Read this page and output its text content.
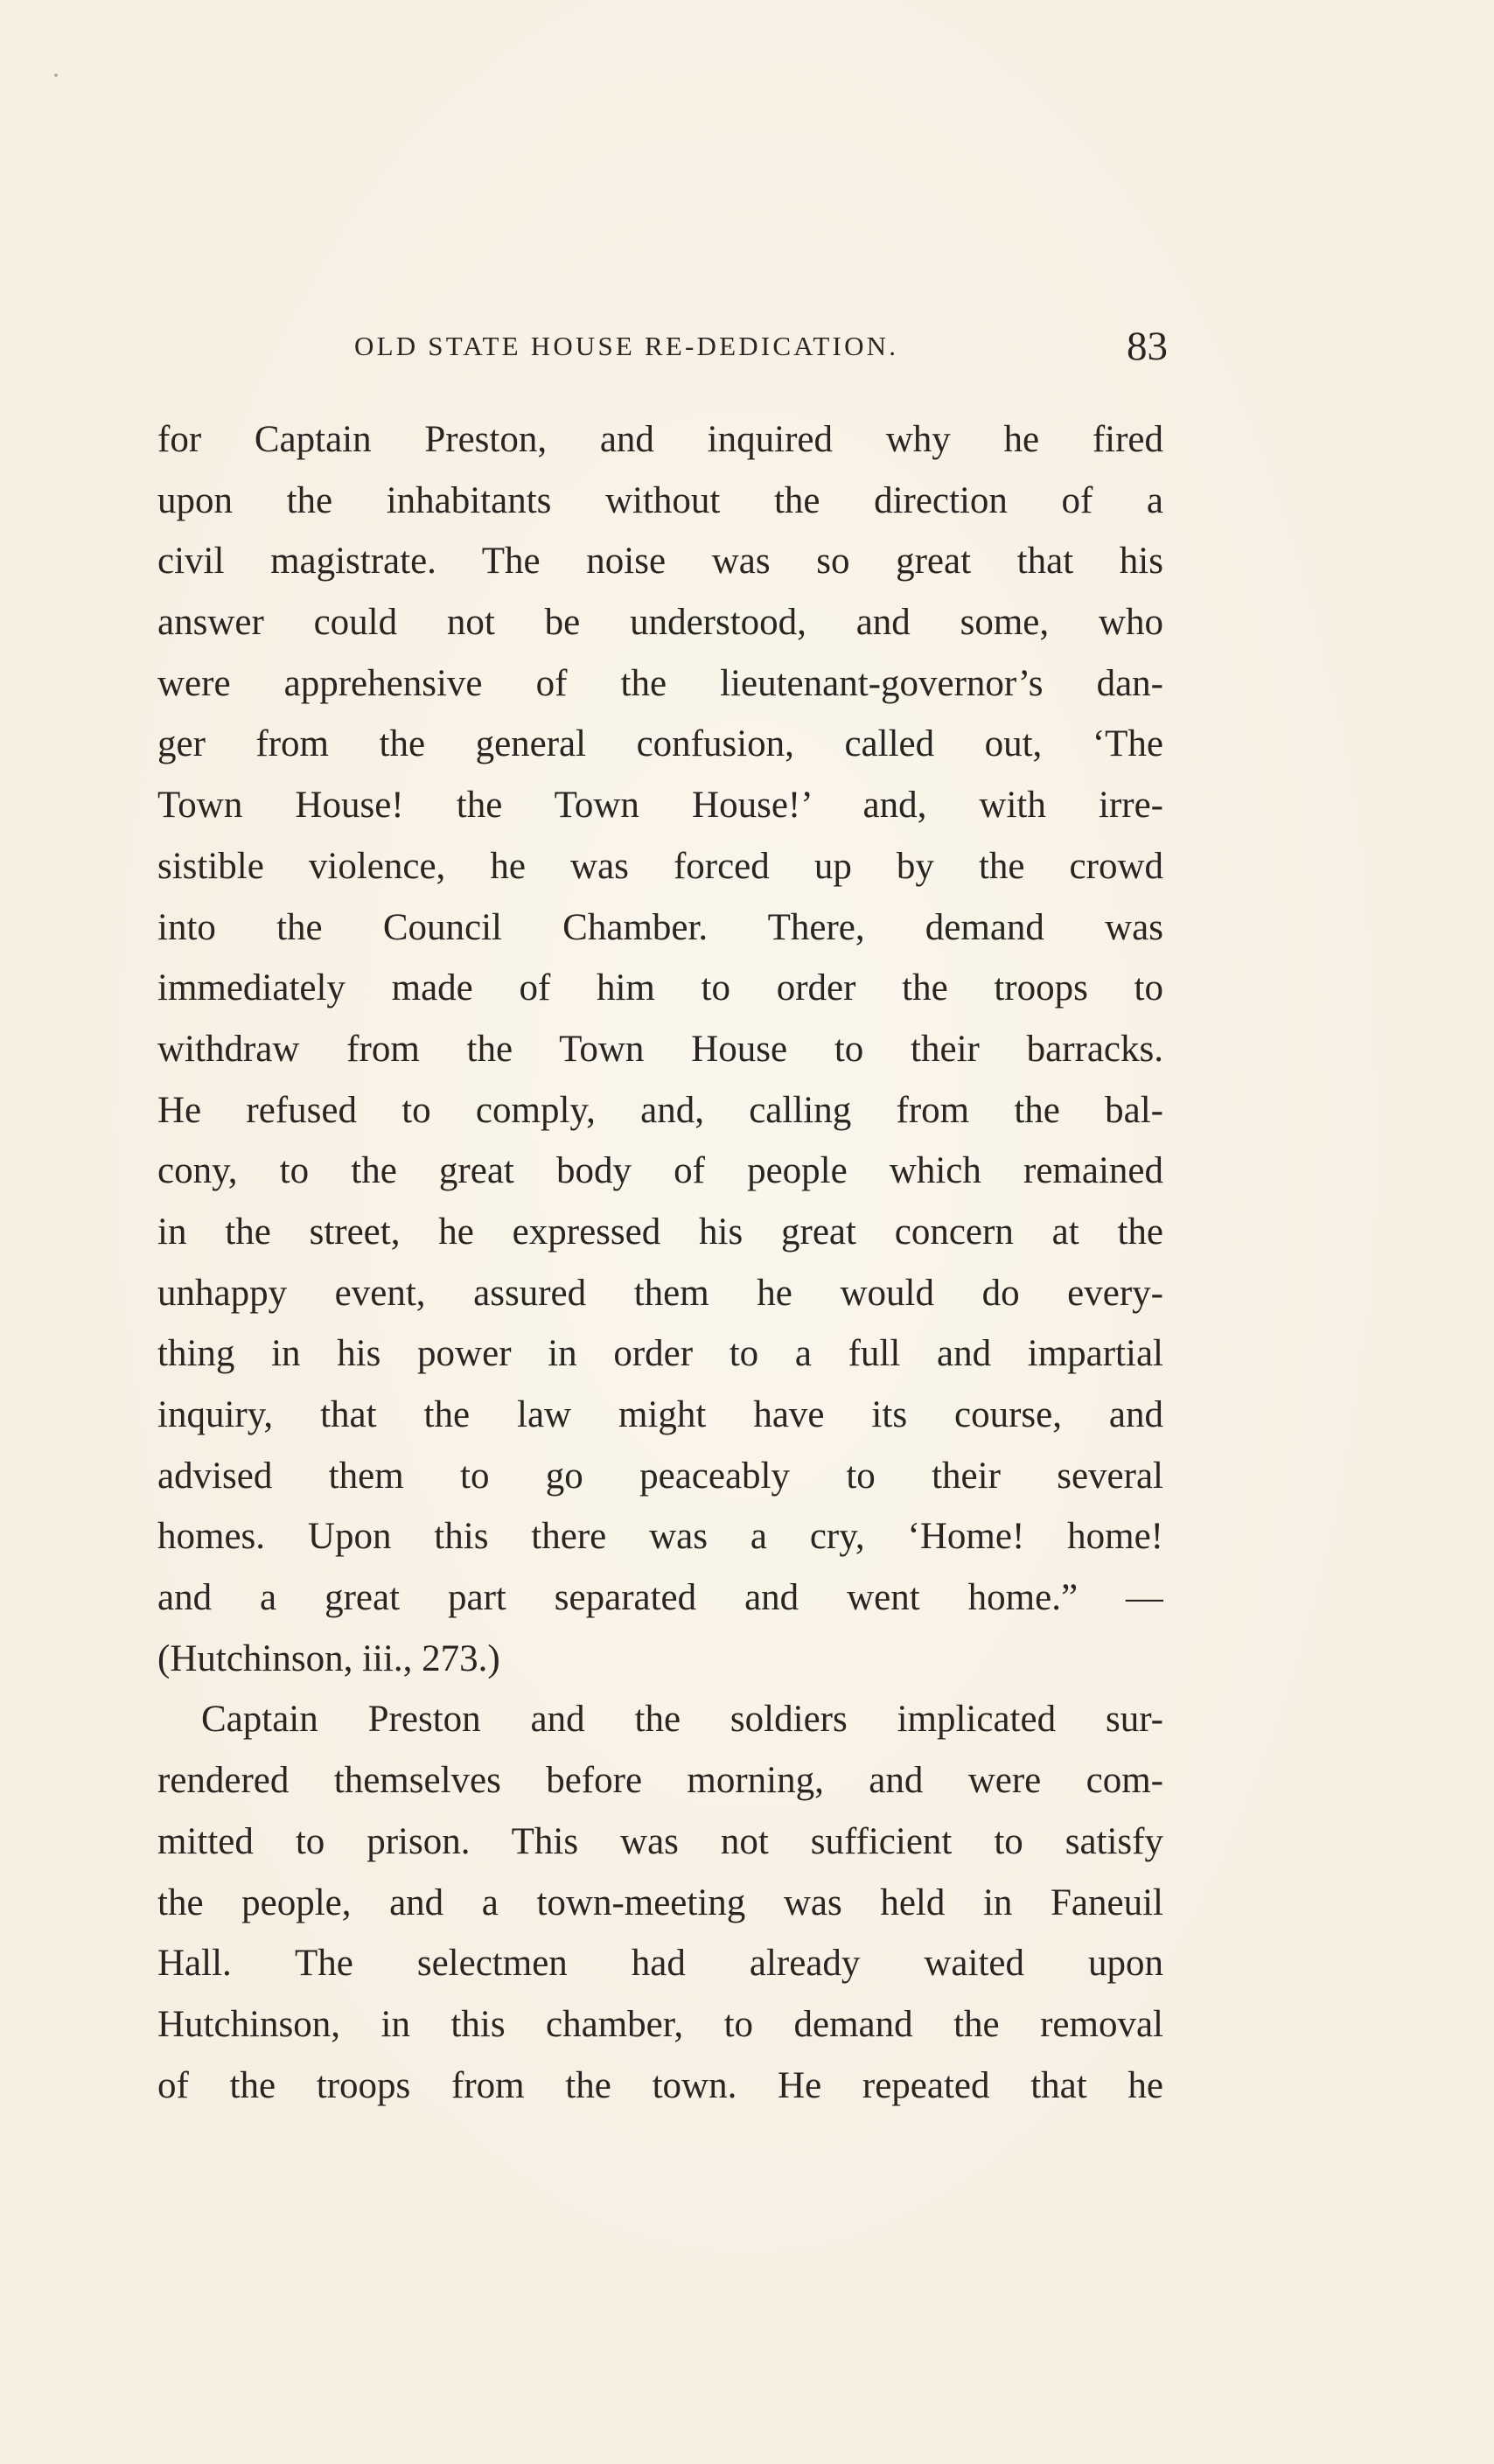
OLD STATE HOUSE RE-DEDICATION.	83
for Captain Preston, and inquired why he fired
upon the inhabitants without the direction of a
civil magistrate. The noise was so great that his
answer could not be understood, and some, who
were apprehensive of the lieutenant-governor’s dan-
ger from the general confusion, called out, ‘The
Town House! the Town House!’ and, with irre-
sistible violence, he was forced up by the crowd
into the Council Chamber. There, demand was
immediately made of him to order the troops to
withdraw from the Town House to their barracks.
He refused to comply, and, calling from the bal-
cony, to the great body of people which remained
in the street, he expressed his great concern at the
unhappy event, assured them he would do every-
thing in his power in order to a full and impartial
inquiry, that the law might have its course, and
advised them to go peaceably to their several
homes. Upon this there was a cry, ‘Home! home!
and a great part separated and went home.” —
(Hutchinson, iii., 273.)
Captain Preston and the soldiers implicated sur-
rendered themselves before morning, and were com-
mitted to prison. This was not sufficient to satisfy
the people, and a town-meeting was held in Faneuil
Hall. The selectmen had already waited upon
Hutchinson, in this chamber, to demand the removal
of the troops from the town. He repeated that he
